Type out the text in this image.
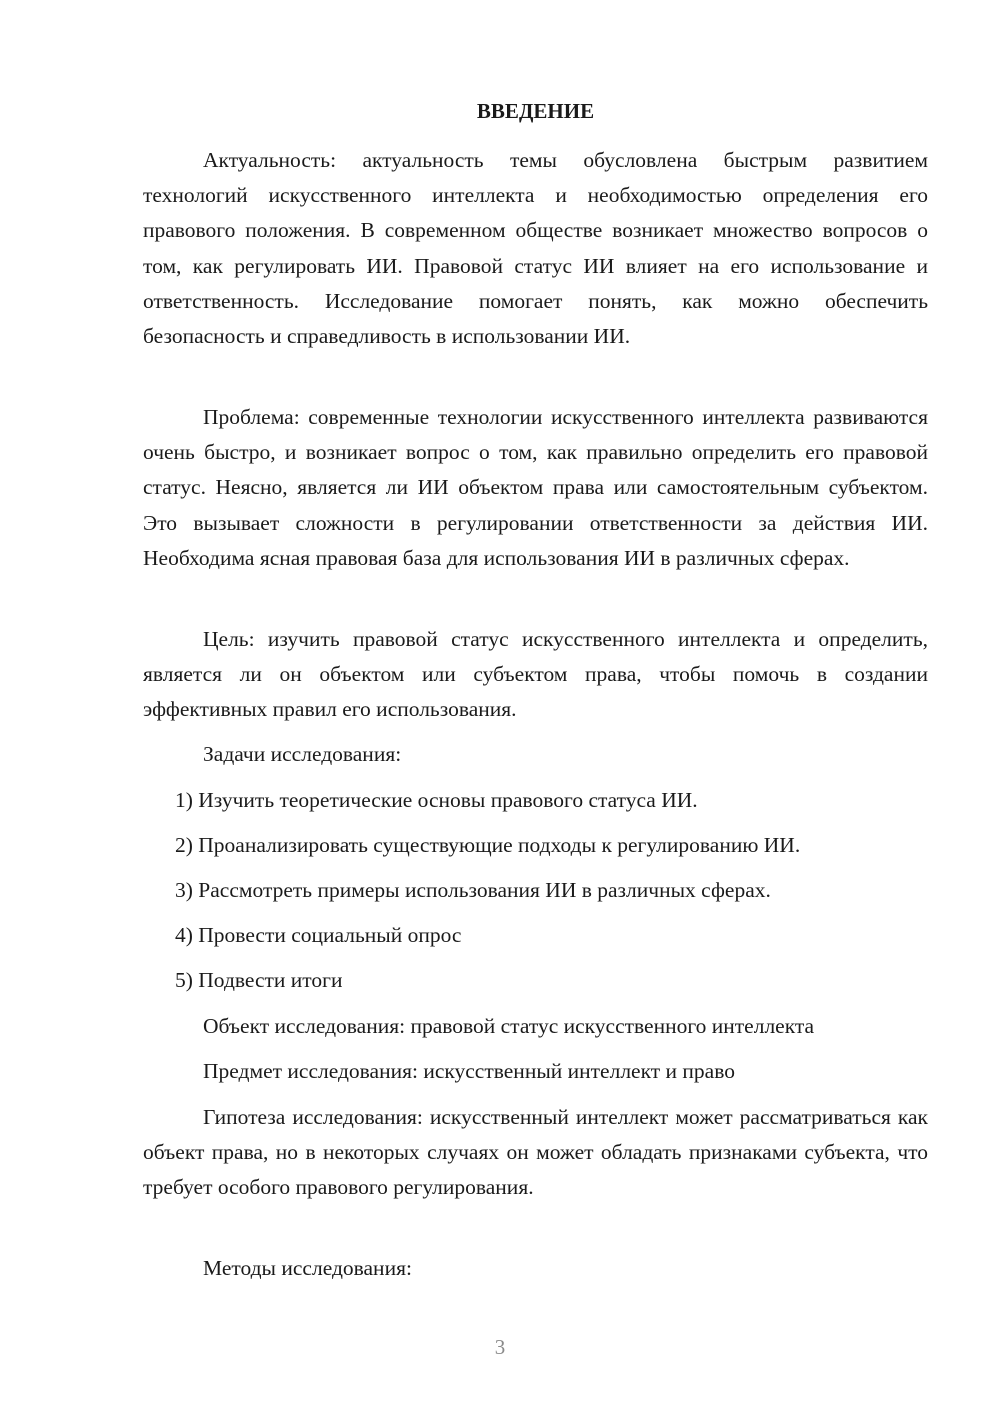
ВВЕДЕНИЕ

Актуальность: актуальность темы обусловлена быстрым развитием технологий искусственного интеллекта и необходимостью определения его правового положения. В современном обществе возникает множество вопросов о том, как регулировать ИИ. Правовой статус ИИ влияет на его использование и ответственность. Исследование помогает понять, как можно обеспечить безопасность и справедливость в использовании ИИ.

Проблема: современные технологии искусственного интеллекта развиваются очень быстро, и возникает вопрос о том, как правильно определить его правовой статус. Неясно, является ли ИИ объектом права или самостоятельным субъектом. Это вызывает сложности в регулировании ответственности за действия ИИ. Необходима ясная правовая база для использования ИИ в различных сферах.

Цель: изучить правовой статус искусственного интеллекта и определить, является ли он объектом или субъектом права, чтобы помочь в создании эффективных правил его использования.

Задачи исследования:

1) Изучить теоретические основы правового статуса ИИ.

2) Проанализировать существующие подходы к регулированию ИИ.

3) Рассмотреть примеры использования ИИ в различных сферах.

4) Провести социальный опрос

5) Подвести итоги

Объект исследования: правовой статус искусственного интеллекта

Предмет исследования: искусственный интеллект и право

Гипотеза исследования: искусственный интеллект может рассматриваться как объект права, но в некоторых случаях он может обладать признаками субъекта, что требует особого правового регулирования.

Методы исследования:

3
